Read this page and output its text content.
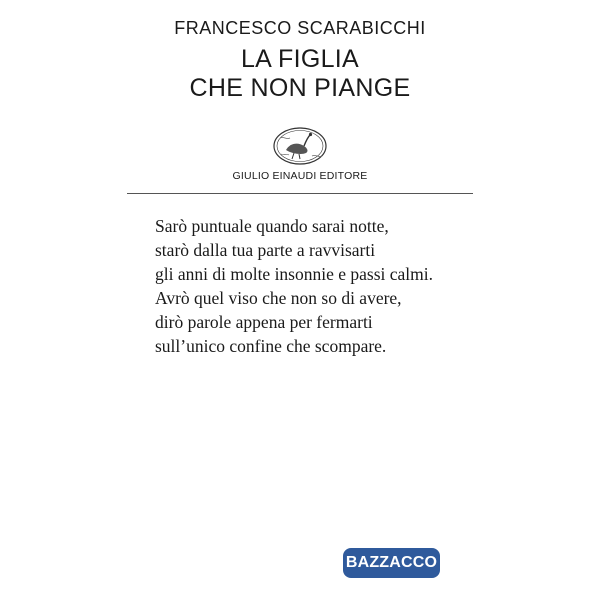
FRANCESCO SCARABICCHI
LA FIGLIA
CHE NON PIANGE
GIULIO EINAUDI EDITORE
Sarò puntuale quando sarai notte,
starò dalla tua parte a ravvisarti
gli anni di molte insonnie e passi calmi.
Avrò quel viso che non so di avere,
dirò parole appena per fermarti
sull’unico confine che scompare.
BAZZACCO
